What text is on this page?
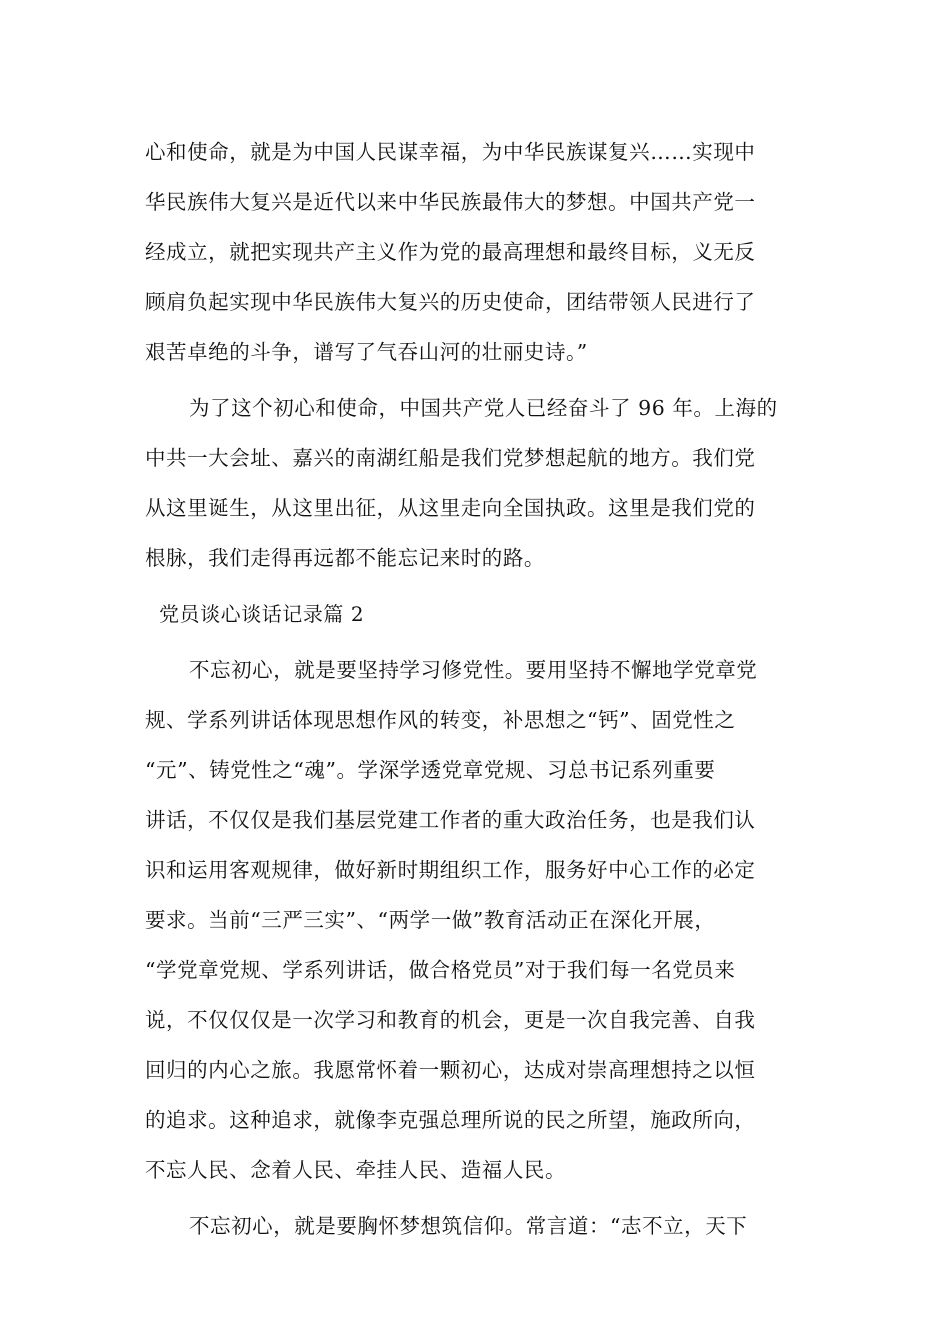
心和使命，就是为中国人民谋幸福，为中华民族谋复兴……实现中
华民族伟大复兴是近代以来中华民族最伟大的梦想。中国共产党一
经成立，就把实现共产主义作为党的最高理想和最终目标，义无反
顾肩负起实现中华民族伟大复兴的历史使命，团结带领人民进行了
艰苦卓绝的斗争，谱写了气吞山河的壮丽史诗。”
为了这个初心和使命，中国共产党人已经奋斗了 96 年。上海的
中共一大会址、嘉兴的南湖红船是我们党梦想起航的地方。我们党
从这里诞生，从这里出征，从这里走向全国执政。这里是我们党的
根脉，我们走得再远都不能忘记来时的路。
党员谈心谈话记录篇 2
不忘初心，就是要坚持学习修党性。要用坚持不懈地学党章党
规、学系列讲话体现思想作风的转变，补思想之“钙”、固党性之
“元”、铸党性之“魂”。学深学透党章党规、习总书记系列重要
讲话，不仅仅是我们基层党建工作者的重大政治任务，也是我们认
识和运用客观规律，做好新时期组织工作，服务好中心工作的必定
要求。当前“三严三实”、“两学一做”教育活动正在深化开展，
“学党章党规、学系列讲话，做合格党员”对于我们每一名党员来
说，不仅仅仅是一次学习和教育的机会，更是一次自我完善、自我
回归的内心之旅。我愿常怀着一颗初心，达成对崇高理想持之以恒
的追求。这种追求，就像李克强总理所说的民之所望，施政所向，
不忘人民、念着人民、牵挂人民、造福人民。
不忘初心，就是要胸怀梦想筑信仰。常言道：“志不立，天下
